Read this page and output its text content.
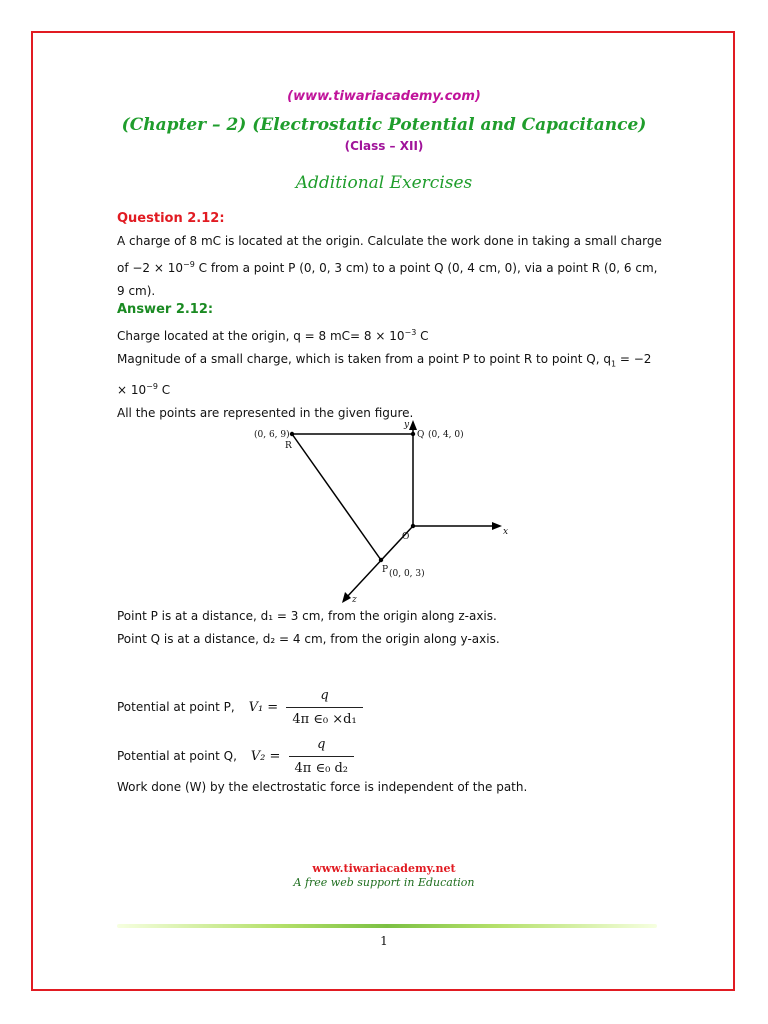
(www.tiwariacademy.com)
(Chapter – 2) (Electrostatic Potential and Capacitance)
(Class – XII)
Additional Exercises
Question 2.12:
A charge of 8 mC is located at the origin. Calculate the work done in taking a small charge of $-2 \times 10^{-9}$ C from a point P (0, 0, 3 cm) to a point Q (0, 4 cm, 0), via a point R (0, 6 cm, 9 cm).
Answer 2.12:
Charge located at the origin, q = 8 $mC= 8 \times 10^{-3}$ C
Magnitude of a small charge, which is taken from a point P to point R to point Q, $q_1 = -2 \times 10^{-9}$ C
All the points are represented in the given figure.
(0, 6, 9)
R
Q (0, 4, 0)
O
P (0, 0, 3)
x
y
z
Point P is at a distance, d₁ = 3 cm, from the origin along z-axis.
Point Q is at a distance, d₂ = 4 cm, from the origin along y-axis.
Potential at point P, $V_1 = \frac{q}{\text{4π ∈₀ ×d₁}}$
Potential at point Q, $V_2 = \frac{q}{\text{4π ∈₀ d₂}}$
Work done (W) by the electrostatic force is independent of the path.
www.tiwariacademy.net
A free web support in Education
1
